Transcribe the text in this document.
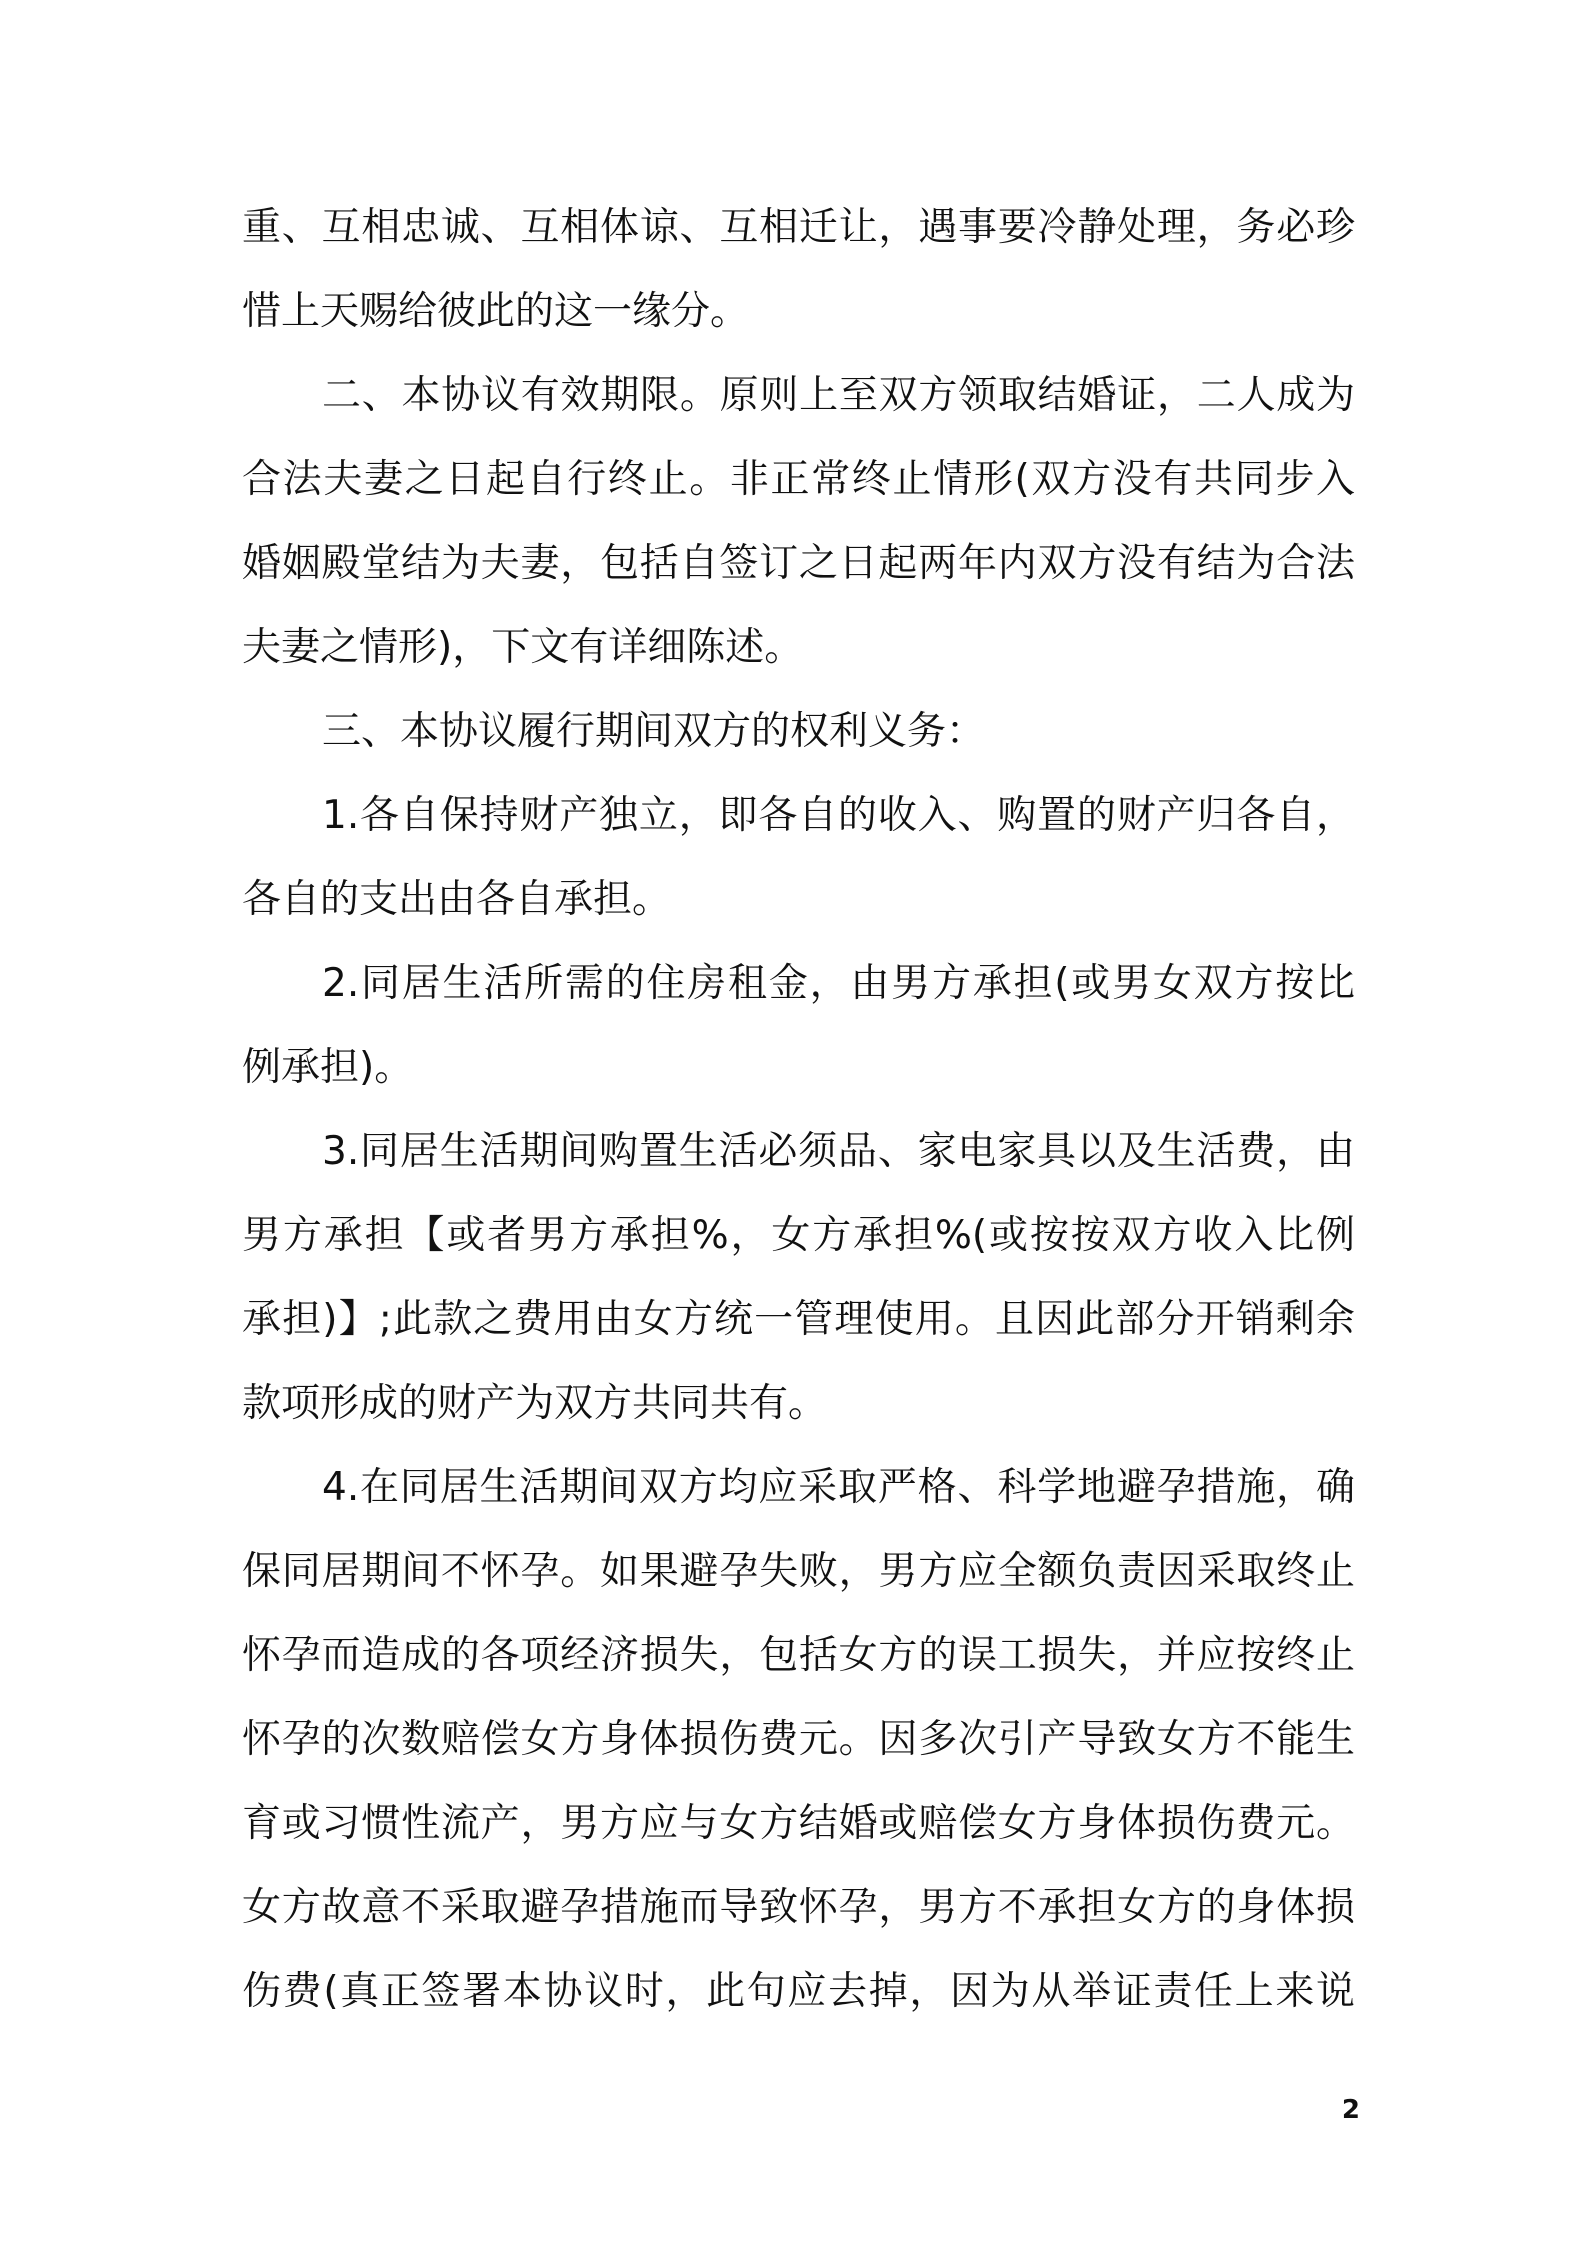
重、互相忠诚、互相体谅、互相迁让，遇事要冷静处理，务必珍
惜上天赐给彼此的这一缘分。
二、本协议有效期限。原则上至双方领取结婚证，二人成为
合法夫妻之日起自行终止。非正常终止情形(双方没有共同步入
婚姻殿堂结为夫妻，包括自签订之日起两年内双方没有结为合法
夫妻之情形)，下文有详细陈述。
三、本协议履行期间双方的权利义务：
1.各自保持财产独立，即各自的收入、购置的财产归各自，
各自的支出由各自承担。
2.同居生活所需的住房租金，由男方承担(或男女双方按比
例承担)。
3.同居生活期间购置生活必须品、家电家具以及生活费，由
男方承担【或者男方承担%，女方承担%(或按按双方收入比例
承担)】;此款之费用由女方统一管理使用。且因此部分开销剩余
款项形成的财产为双方共同共有。
4.在同居生活期间双方均应采取严格、科学地避孕措施，确
保同居期间不怀孕。如果避孕失败，男方应全额负责因采取终止
怀孕而造成的各项经济损失，包括女方的误工损失，并应按终止
怀孕的次数赔偿女方身体损伤费元。因多次引产导致女方不能生
育或习惯性流产，男方应与女方结婚或赔偿女方身体损伤费元。
女方故意不采取避孕措施而导致怀孕，男方不承担女方的身体损
伤费(真正签署本协议时，此句应去掉，因为从举证责任上来说
2
